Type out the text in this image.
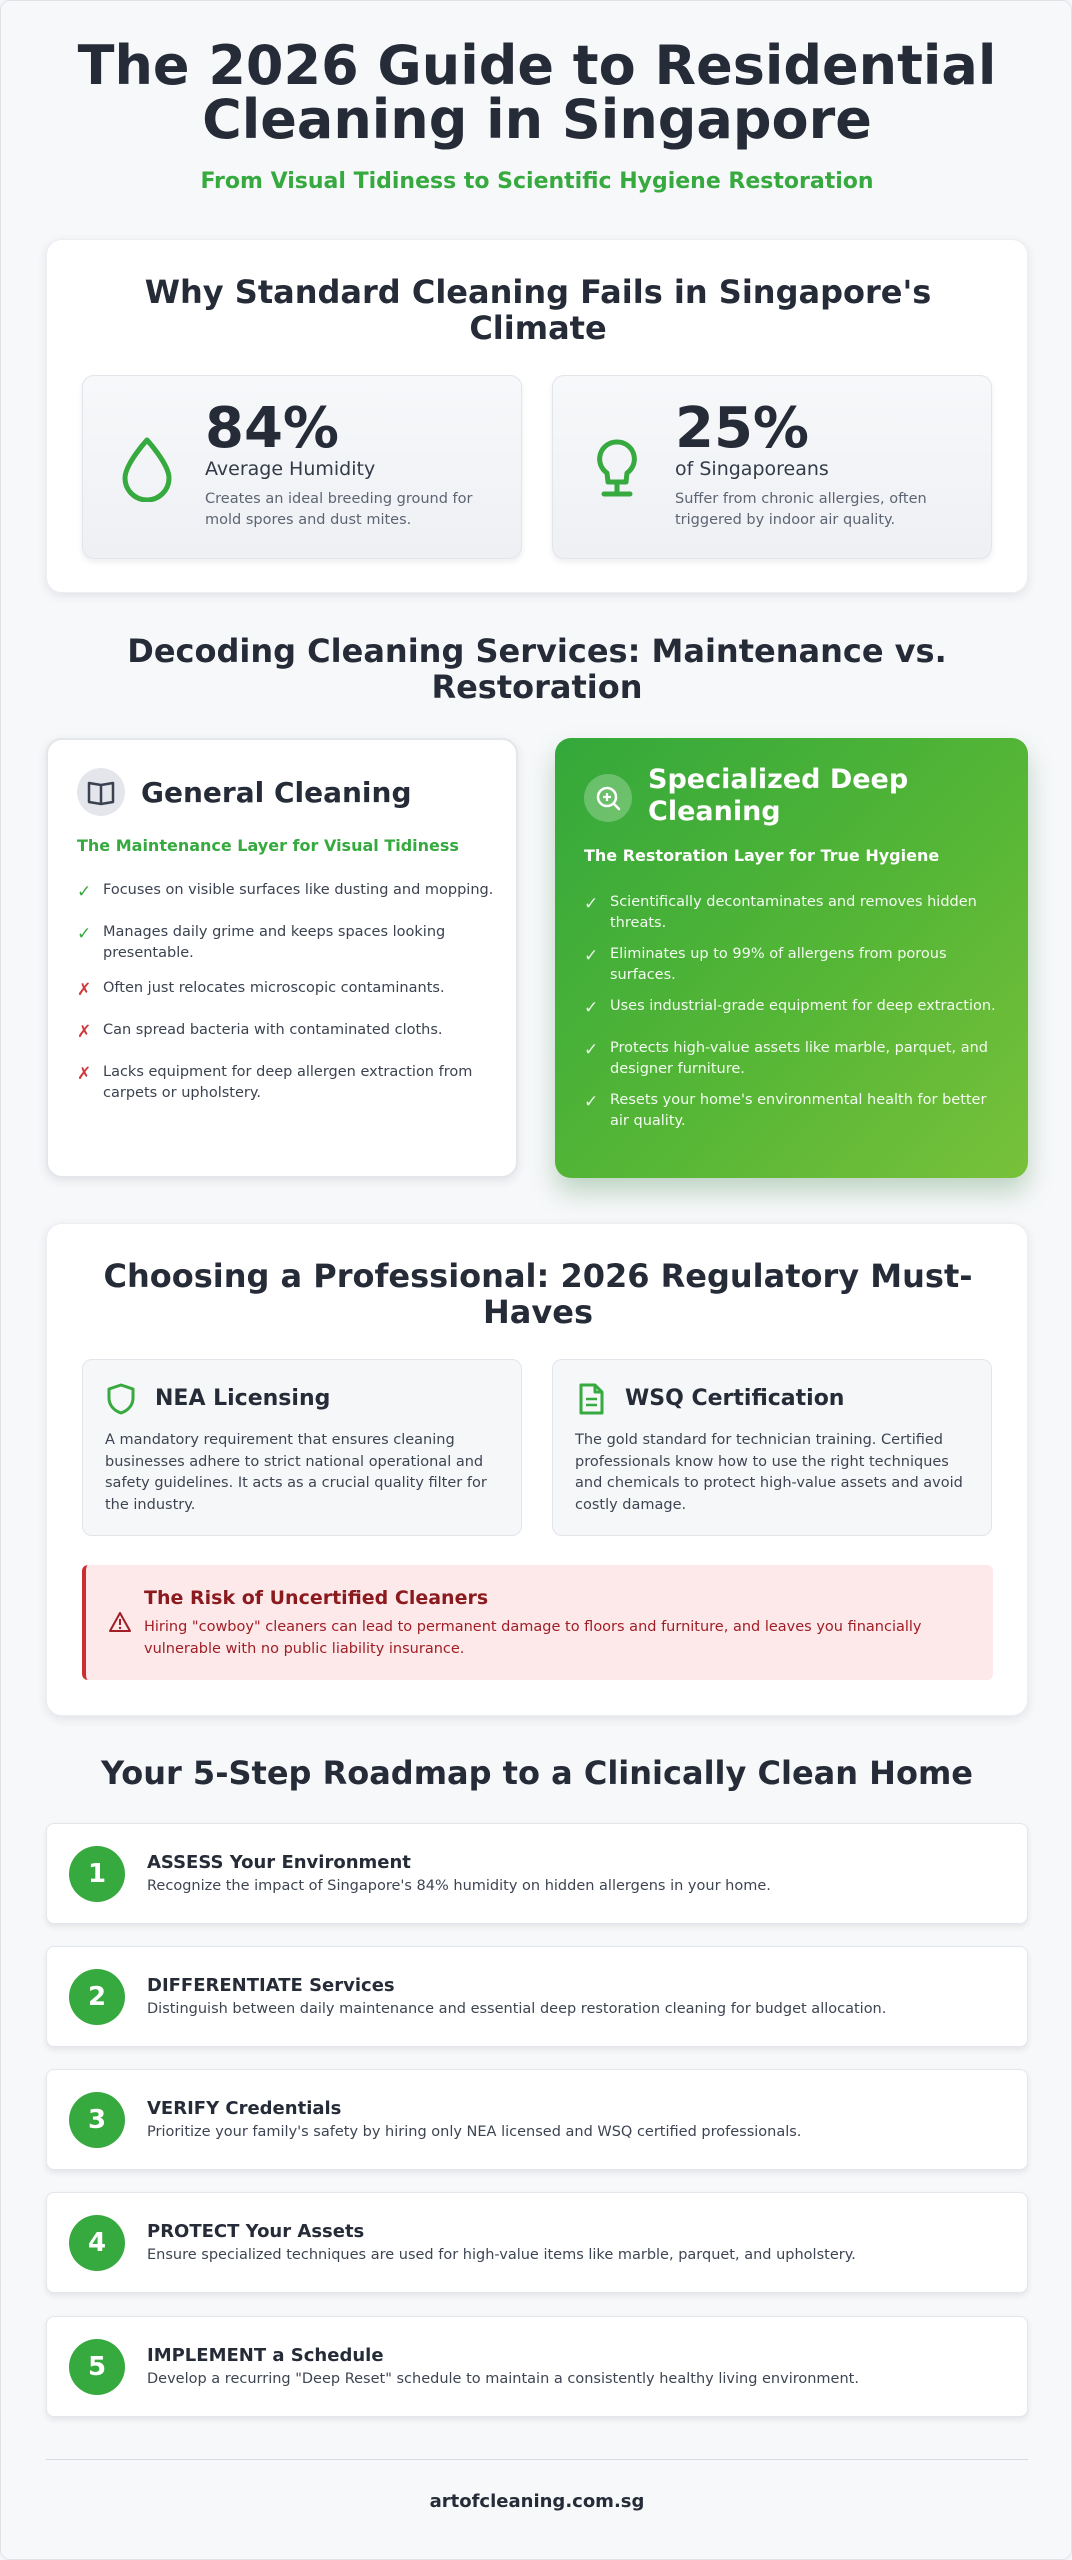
The 2026 Guide to Residential
Cleaning in Singapore
From Visual Tidiness to Scientific Hygiene Restoration
Why Standard Cleaning Fails in Singapore's
Climate
84%
Average Humidity
Creates an ideal breeding ground for mold spores and dust mites.
25%
of Singaporeans
Suffer from chronic allergies, often triggered by indoor air quality.
Decoding Cleaning Services: Maintenance vs.
Restoration
General Cleaning
The Maintenance Layer for Visual Tidiness
✓ Focuses on visible surfaces like dusting and mopping.
✓ Manages daily grime and keeps spaces looking presentable.
✗ Often just relocates microscopic contaminants.
✗ Can spread bacteria with contaminated cloths.
✗ Lacks equipment for deep allergen extraction from carpets or upholstery.
Specialized Deep
Cleaning
The Restoration Layer for True Hygiene
✓ Scientifically decontaminates and removes hidden threats.
✓ Eliminates up to 99% of allergens from porous surfaces.
✓ Uses industrial-grade equipment for deep extraction.
✓ Protects high-value assets like marble, parquet, and designer furniture.
✓ Resets your home's environmental health for better air quality.
Choosing a Professional: 2026 Regulatory Must-
Haves
NEA Licensing
A mandatory requirement that ensures cleaning businesses adhere to strict national operational and safety guidelines. It acts as a crucial quality filter for the industry.
WSQ Certification
The gold standard for technician training. Certified professionals know how to use the right techniques and chemicals to protect high-value assets and avoid costly damage.
The Risk of Uncertified Cleaners
Hiring "cowboy" cleaners can lead to permanent damage to floors and furniture, and leaves you financially vulnerable with no public liability insurance.
Your 5-Step Roadmap to a Clinically Clean Home
1	ASSESS Your Environment
Recognize the impact of Singapore's 84% humidity on hidden allergens in your home.
2	DIFFERENTIATE Services
Distinguish between daily maintenance and essential deep restoration cleaning for budget allocation.
3	VERIFY Credentials
Prioritize your family's safety by hiring only NEA licensed and WSQ certified professionals.
4	PROTECT Your Assets
Ensure specialized techniques are used for high-value items like marble, parquet, and upholstery.
5	IMPLEMENT a Schedule
Develop a recurring "Deep Reset" schedule to maintain a consistently healthy living environment.
artofcleaning.com.sg
